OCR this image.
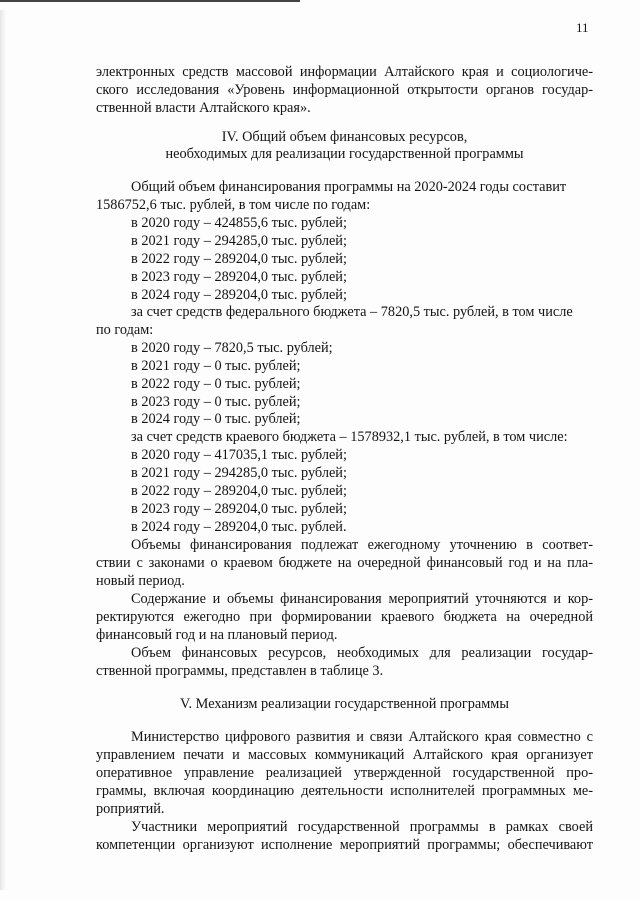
11
электронных средств массовой информации Алтайского края и социологиче-
ского исследования «Уровень информационной открытости органов государ-
ственной власти Алтайского края».
IV. Общий объем финансовых ресурсов,
необходимых для реализации государственной программы
Общий объем финансирования программы на 2020-2024 годы составит
1586752,6 тыс. рублей, в том числе по годам:
в 2020 году – 424855,6 тыс. рублей;
в 2021 году – 294285,0 тыс. рублей;
в 2022 году – 289204,0 тыс. рублей;
в 2023 году – 289204,0 тыс. рублей;
в 2024 году – 289204,0 тыс. рублей;
за счет средств федерального бюджета – 7820,5 тыс. рублей, в том числе
по годам:
в 2020 году – 7820,5 тыс. рублей;
в 2021 году – 0 тыс. рублей;
в 2022 году – 0 тыс. рублей;
в 2023 году – 0 тыс. рублей;
в 2024 году – 0 тыс. рублей;
за счет средств краевого бюджета – 1578932,1 тыс. рублей, в том числе:
в 2020 году – 417035,1 тыс. рублей;
в 2021 году – 294285,0 тыс. рублей;
в 2022 году – 289204,0 тыс. рублей;
в 2023 году – 289204,0 тыс. рублей;
в 2024 году – 289204,0 тыс. рублей.
Объемы финансирования подлежат ежегодному уточнению в соответ-
ствии с законами о краевом бюджете на очередной финансовый год и на пла-
новый период.
Содержание и объемы финансирования мероприятий уточняются и кор-
ректируются ежегодно при формировании краевого бюджета на очередной
финансовый год и на плановый период.
Объем финансовых ресурсов, необходимых для реализации государ-
ственной программы, представлен в таблице 3.
V. Механизм реализации государственной программы
Министерство цифрового развития и связи Алтайского края совместно с
управлением печати и массовых коммуникаций Алтайского края организует
оперативное управление реализацией утвержденной государственной про-
граммы, включая координацию деятельности исполнителей программных ме-
роприятий.
Участники мероприятий государственной программы в рамках своей
компетенции организуют исполнение мероприятий программы; обеспечивают
